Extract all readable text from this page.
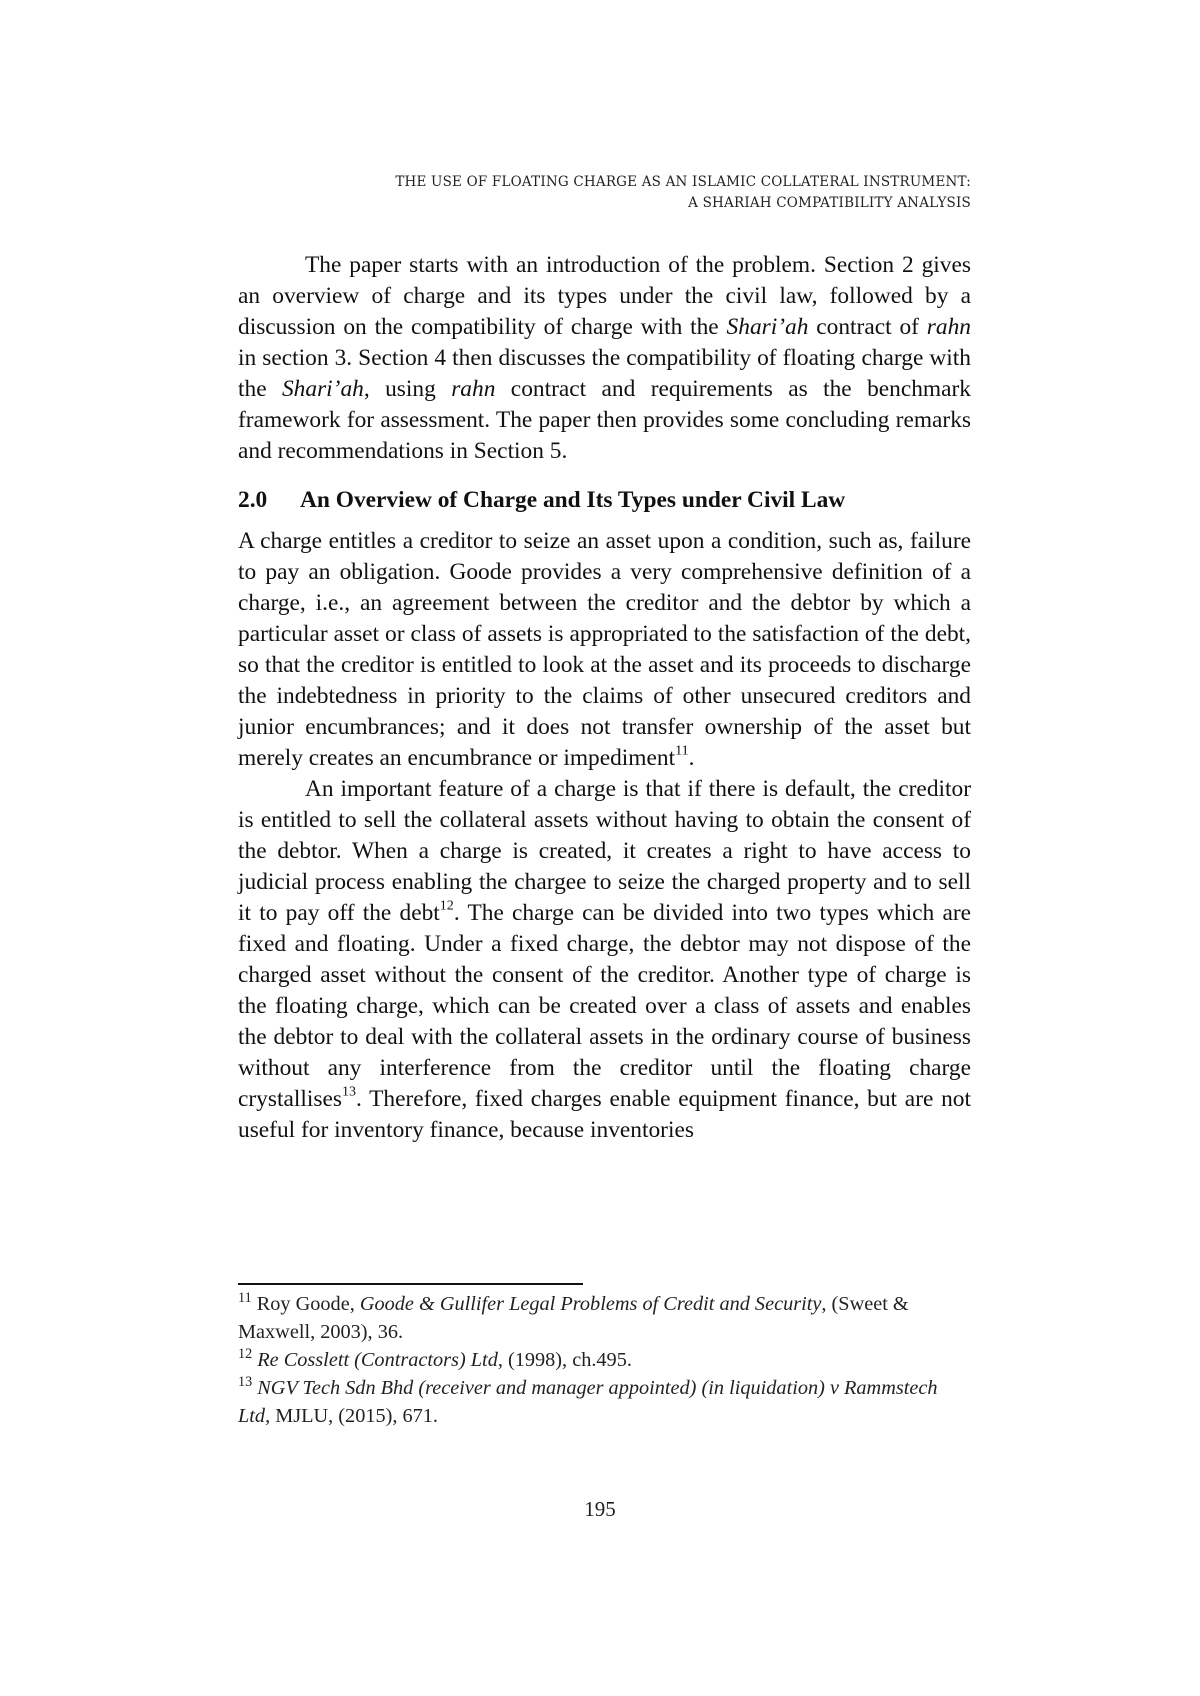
THE USE OF FLOATING CHARGE AS AN ISLAMIC COLLATERAL INSTRUMENT:
A SHARIAH COMPATIBILITY ANALYSIS

The paper starts with an introduction of the problem. Section 2 gives an overview of charge and its types under the civil law, followed by a discussion on the compatibility of charge with the Shari’ah contract of rahn in section 3. Section 4 then discusses the compatibility of floating charge with the Shari’ah, using rahn contract and requirements as the benchmark framework for assessment. The paper then provides some concluding remarks and recommendations in Section 5.

2.0 An Overview of Charge and Its Types under Civil Law

A charge entitles a creditor to seize an asset upon a condition, such as, failure to pay an obligation. Goode provides a very comprehensive definition of a charge, i.e., an agreement between the creditor and the debtor by which a particular asset or class of assets is appropriated to the satisfaction of the debt, so that the creditor is entitled to look at the asset and its proceeds to discharge the indebtedness in priority to the claims of other unsecured creditors and junior encumbrances; and it does not transfer ownership of the asset but merely creates an encumbrance or impediment$^{11}$.

An important feature of a charge is that if there is default, the creditor is entitled to sell the collateral assets without having to obtain the consent of the debtor. When a charge is created, it creates a right to have access to judicial process enabling the chargee to seize the charged property and to sell it to pay off the debt$^{12}$. The charge can be divided into two types which are fixed and floating. Under a fixed charge, the debtor may not dispose of the charged asset without the consent of the creditor. Another type of charge is the floating charge, which can be created over a class of assets and enables the debtor to deal with the collateral assets in the ordinary course of business without any interference from the creditor until the floating charge crystallises$^{13}$. Therefore, fixed charges enable equipment finance, but are not useful for inventory finance, because inventories

$^{11}$ Roy Goode, Goode & Gullifer Legal Problems of Credit and Security, (Sweet & Maxwell, 2003), 36.

$^{12}$ Re Cosslett (Contractors) Ltd, (1998), ch.495.

$^{13}$ NGV Tech Sdn Bhd (receiver and manager appointed) (in liquidation) v Rammstech Ltd, MJLU, (2015), 671.

195
